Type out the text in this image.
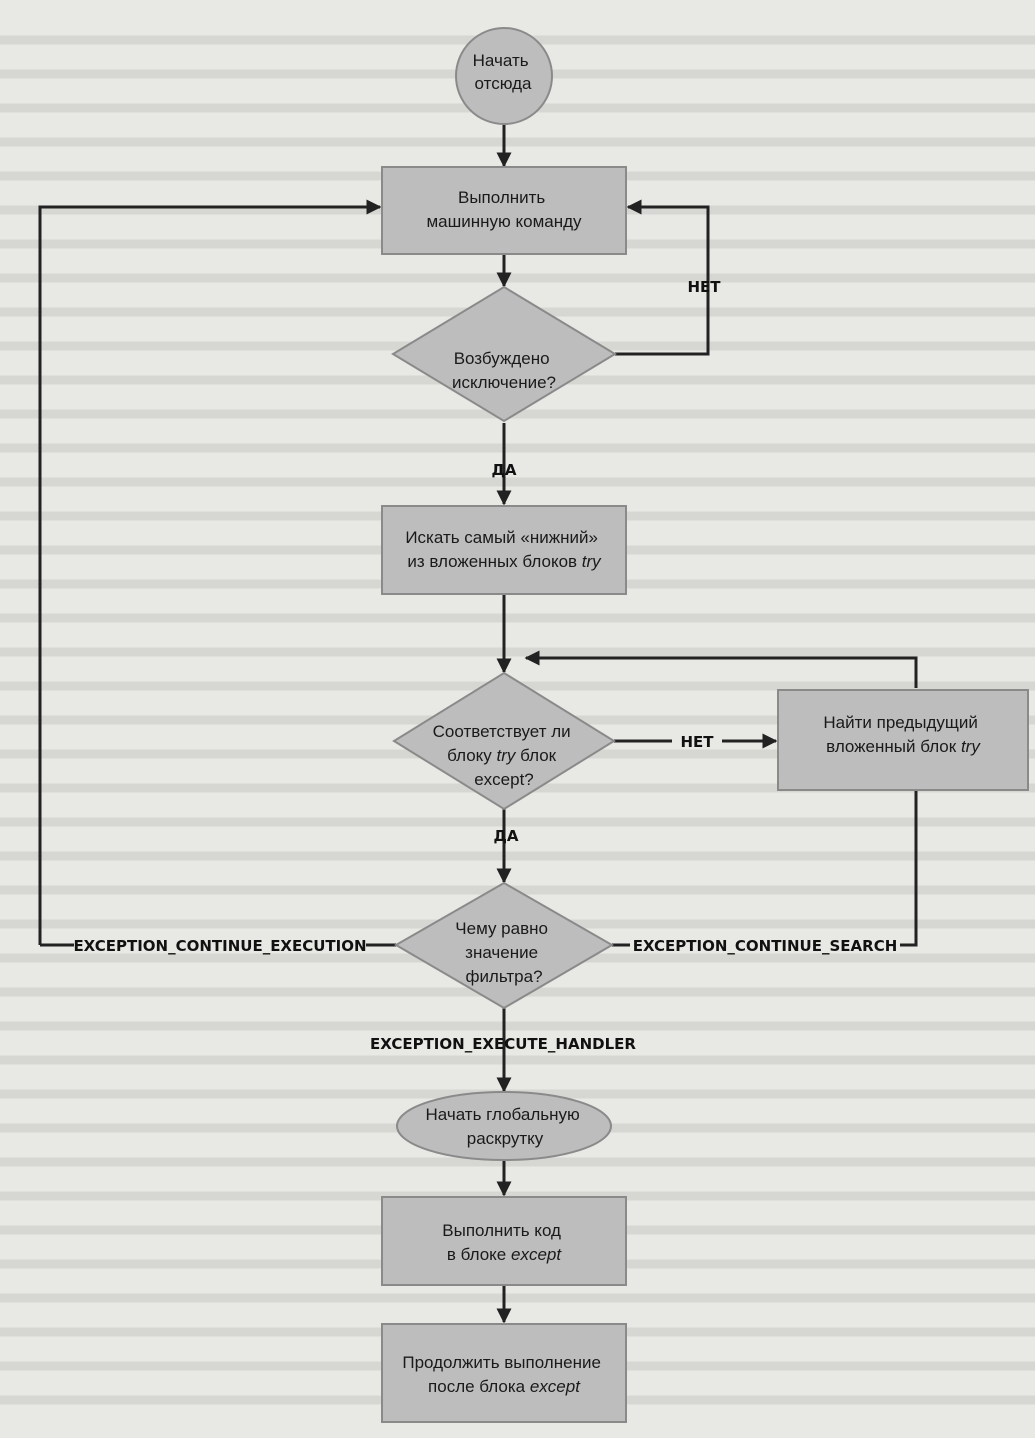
Начать отсюда
Выполнить машинную команду
Возбуждено исключение?
Искать самый «нижний» из вложенных блоков try
Соответствует ли блоку try блок except?
Найти предыдущий вложенный блок try
Чему равно значение фильтра?
Начать глобальную раскрутку
Выполнить код в блоке except
Продолжить выполнение после блока except
НЕТ
ДА
НЕТ
ДА
EXCEPTION_CONTINUE_EXECUTION	EXCEPTION_CONTINUE_SEARCH
EXCEPTION_EXECUTE_HANDLER
